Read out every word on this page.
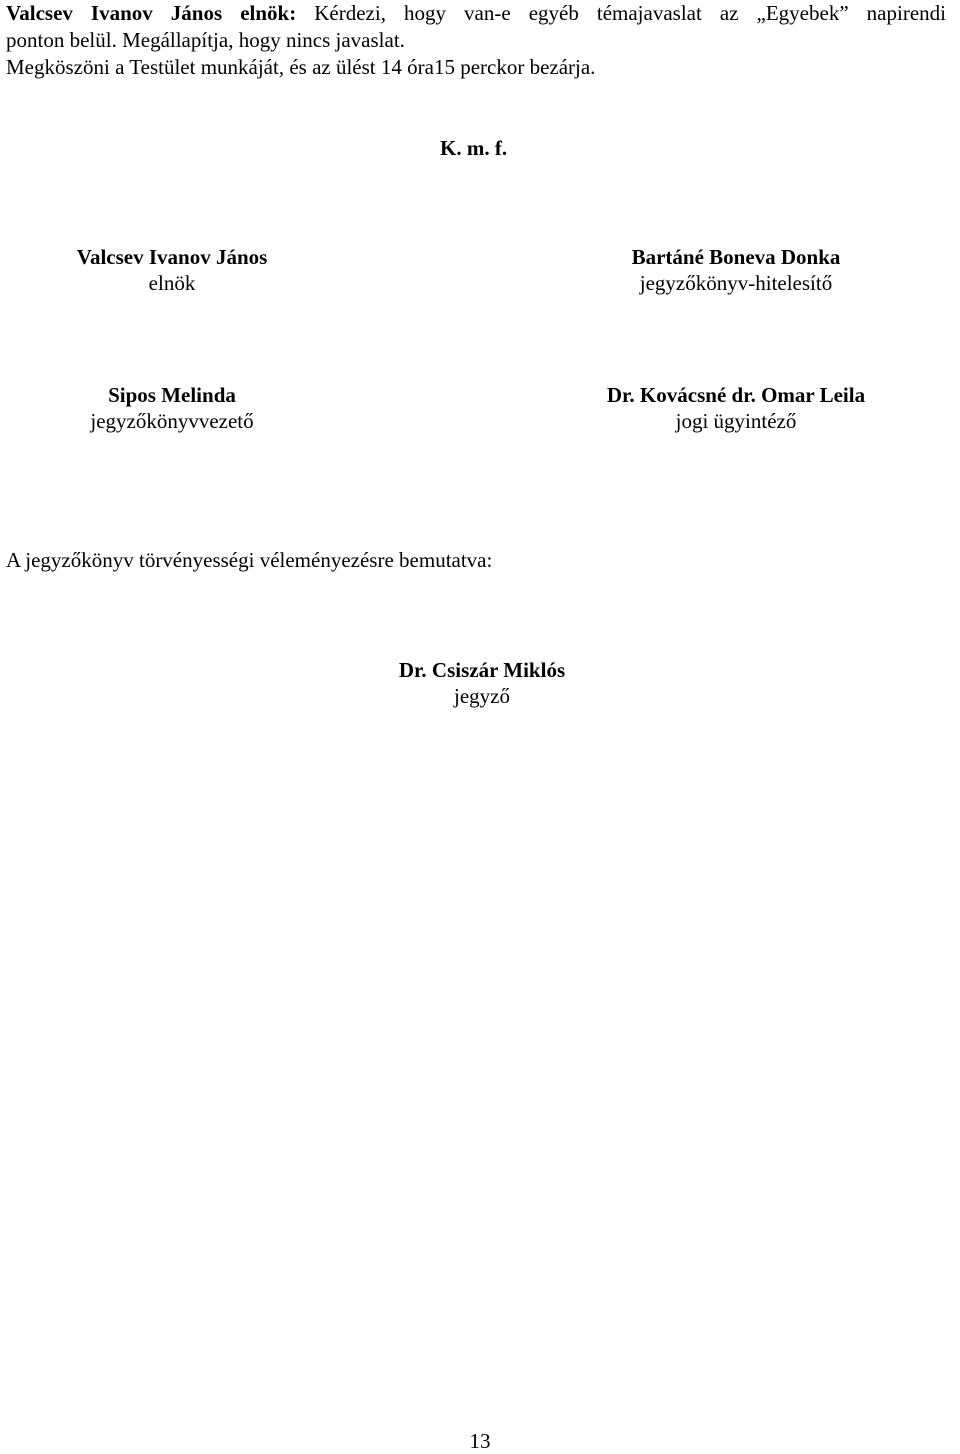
Valcsev Ivanov János elnök: Kérdezi, hogy van-e egyéb témajavaslat az „Egyebek” napirendi

ponton belül. Megállapítja, hogy nincs javaslat.

Megköszöni a Testület munkáját, és az ülést 14 óra15 perckor bezárja.

K. m. f.
Valcsev Ivanov János
elnök
Bartáné Boneva Donka
jegyzőkönyv-hitelesítő
Sipos Melinda
jegyzőkönyvvezető
Dr. Kovácsné dr. Omar Leila
jogi ügyintéző

A jegyzőkönyv törvényességi véleményezésre bemutatva:

Dr. Csiszár Miklós
jegyző
13
